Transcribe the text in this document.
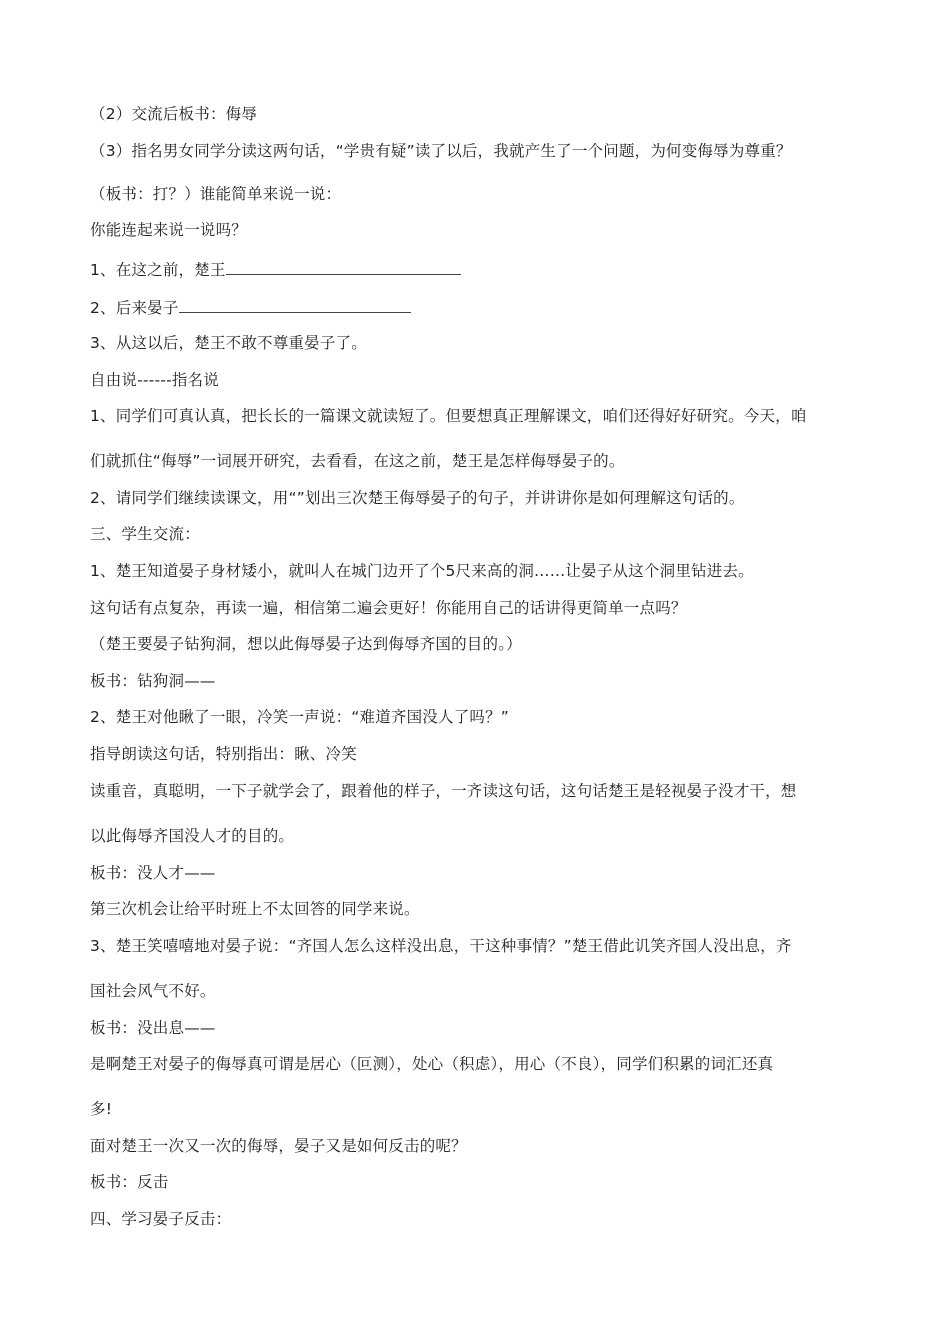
（2）交流后板书：侮辱
（3）指名男女同学分读这两句话，“学贵有疑”读了以后，我就产生了一个问题，为何变侮辱为尊重？
（板书：打？）谁能简单来说一说：
你能连起来说一说吗？
1、在这之前，楚王
2、后来晏子
3、从这以后，楚王不敢不尊重晏子了。
自由说------指名说
1、同学们可真认真，把长长的一篇课文就读短了。但要想真正理解课文，咱们还得好好研究。今天，咱
们就抓住“侮辱”一词展开研究，去看看，在这之前，楚王是怎样侮辱晏子的。
2、请同学们继续读课文，用“”划出三次楚王侮辱晏子的句子，并讲讲你是如何理解这句话的。
三、学生交流：
1、楚王知道晏子身材矮小，就叫人在城门边开了个5尺来高的洞……让晏子从这个洞里钻进去。
这句话有点复杂，再读一遍，相信第二遍会更好！你能用自己的话讲得更简单一点吗？
（楚王要晏子钻狗洞，想以此侮辱晏子达到侮辱齐国的目的。）
板书：钻狗洞——
2、楚王对他瞅了一眼，冷笑一声说：“难道齐国没人了吗？”
指导朗读这句话，特别指出：瞅、冷笑
读重音，真聪明，一下子就学会了，跟着他的样子，一齐读这句话，这句话楚王是轻视晏子没才干，想
以此侮辱齐国没人才的目的。
板书：没人才——
第三次机会让给平时班上不太回答的同学来说。
3、楚王笑嘻嘻地对晏子说：“齐国人怎么这样没出息，干这种事情？”楚王借此讥笑齐国人没出息，齐
国社会风气不好。
板书：没出息——
是啊楚王对晏子的侮辱真可谓是居心（叵测），处心（积虑），用心（不良），同学们积累的词汇还真
多!
面对楚王一次又一次的侮辱，晏子又是如何反击的呢？
板书：反击
四、学习晏子反击：
